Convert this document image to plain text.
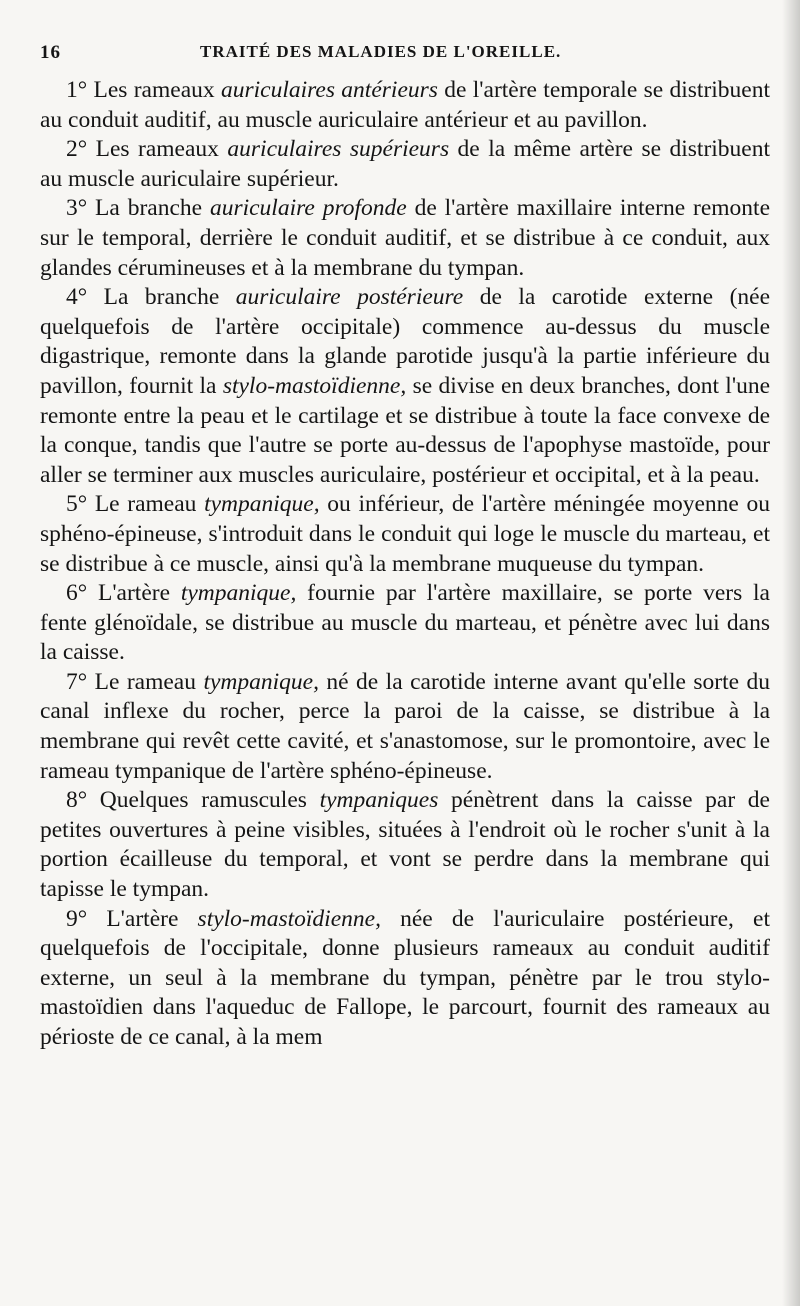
16	TRAITÉ DES MALADIES DE L'OREILLE.

1° Les rameaux auriculaires antérieurs de l'artère temporale se distribuent au conduit auditif, au muscle auriculaire antérieur et au pavillon.

2° Les rameaux auriculaires supérieurs de la même artère se distribuent au muscle auriculaire supérieur.

3° La branche auriculaire profonde de l'artère maxillaire interne remonte sur le temporal, derrière le conduit auditif, et se distribue à ce conduit, aux glandes cérumineuses et à la membrane du tympan.

4° La branche auriculaire postérieure de la carotide externe (née quelquefois de l'artère occipitale) commence au-dessus du muscle digastrique, remonte dans la glande parotide jusqu'à la partie inférieure du pavillon, fournit la stylo-mastoïdienne, se divise en deux branches, dont l'une remonte entre la peau et le cartilage et se distribue à toute la face convexe de la conque, tandis que l'autre se porte au-dessus de l'apophyse mastoïde, pour aller se terminer aux muscles auriculaire, postérieur et occipital, et à la peau.

5° Le rameau tympanique, ou inférieur, de l'artère méningée moyenne ou sphéno-épineuse, s'introduit dans le conduit qui loge le muscle du marteau, et se distribue à ce muscle, ainsi qu'à la membrane muqueuse du tympan.

6° L'artère tympanique, fournie par l'artère maxillaire, se porte vers la fente glénoïdale, se distribue au muscle du marteau, et pénètre avec lui dans la caisse.

7° Le rameau tympanique, né de la carotide interne avant qu'elle sorte du canal inflexe du rocher, perce la paroi de la caisse, se distribue à la membrane qui revêt cette cavité, et s'anastomose, sur le promontoire, avec le rameau tympanique de l'artère sphéno-épineuse.

8° Quelques ramuscules tympaniques pénètrent dans la caisse par de petites ouvertures à peine visibles, situées à l'endroit où le rocher s'unit à la portion écailleuse du temporal, et vont se perdre dans la membrane qui tapisse le tympan.

9° L'artère stylo-mastoïdienne, née de l'auriculaire postérieure, et quelquefois de l'occipitale, donne plusieurs rameaux au conduit auditif externe, un seul à la membrane du tympan, pénètre par le trou stylo-mastoïdien dans l'aqueduc de Fallope, le parcourt, fournit des rameaux au périoste de ce canal, à la mem
